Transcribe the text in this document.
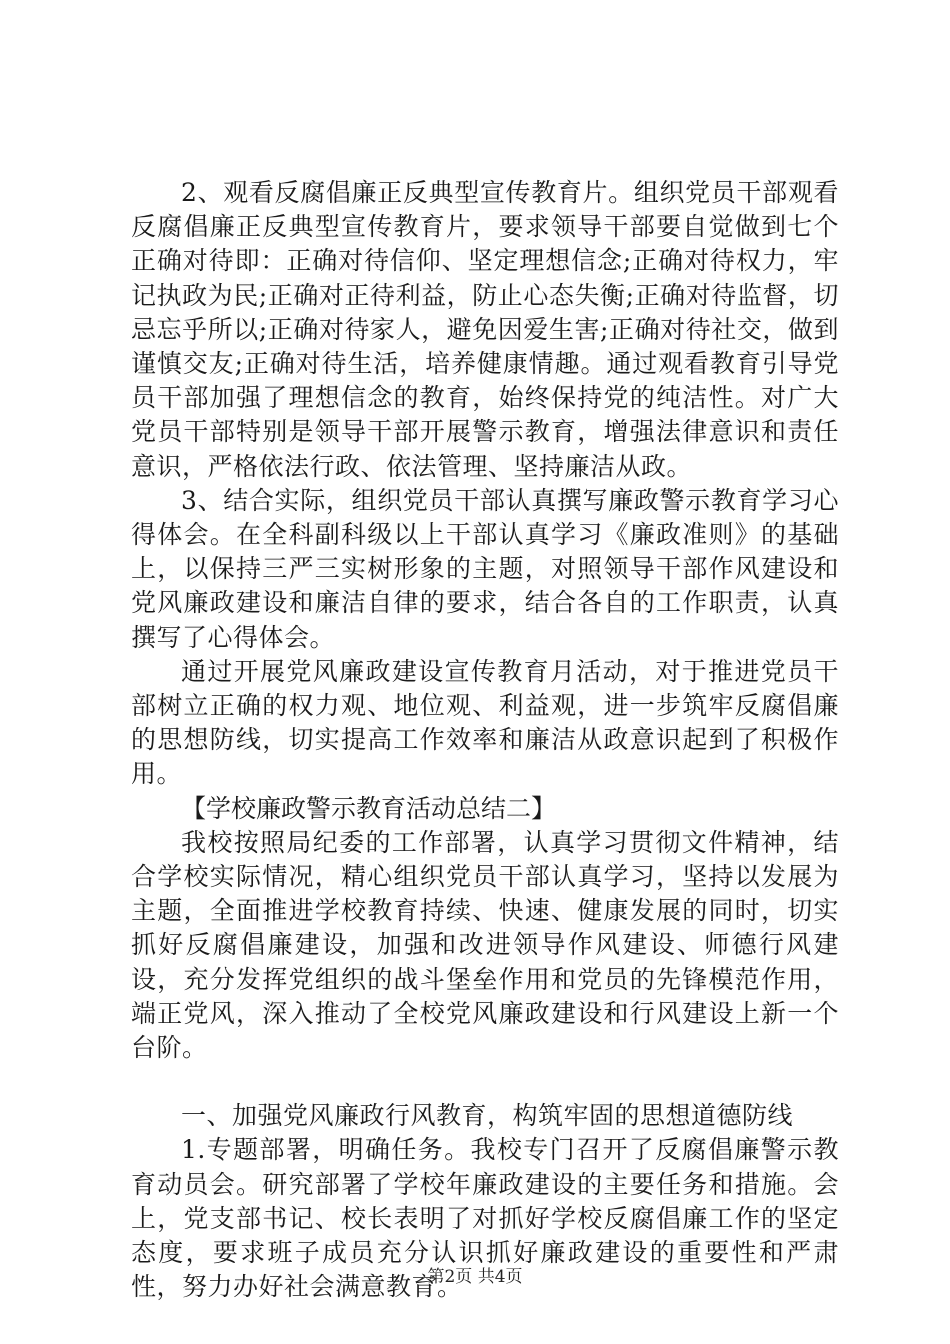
2、观看反腐倡廉正反典型宣传教育片。组织党员干部观看反腐倡廉正反典型宣传教育片，要求领导干部要自觉做到七个正确对待即：正确对待信仰、坚定理想信念;正确对待权力，牢记执政为民;正确对正待利益，防止心态失衡;正确对待监督，切忌忘乎所以;正确对待家人，避免因爱生害;正确对待社交，做到谨慎交友;正确对待生活，培养健康情趣。通过观看教育引导党员干部加强了理想信念的教育，始终保持党的纯洁性。对广大党员干部特别是领导干部开展警示教育，增强法律意识和责任意识，严格依法行政、依法管理、坚持廉洁从政。

3、结合实际，组织党员干部认真撰写廉政警示教育学习心得体会。在全科副科级以上干部认真学习《廉政准则》的基础上，以保持三严三实树形象的主题，对照领导干部作风建设和党风廉政建设和廉洁自律的要求，结合各自的工作职责，认真撰写了心得体会。

通过开展党风廉政建设宣传教育月活动，对于推进党员干部树立正确的权力观、地位观、利益观，进一步筑牢反腐倡廉的思想防线，切实提高工作效率和廉洁从政意识起到了积极作用。

【学校廉政警示教育活动总结二】

我校按照局纪委的工作部署，认真学习贯彻文件精神，结合学校实际情况，精心组织党员干部认真学习，坚持以发展为主题，全面推进学校教育持续、快速、健康发展的同时，切实抓好反腐倡廉建设，加强和改进领导作风建设、师德行风建设，充分发挥党组织的战斗堡垒作用和党员的先锋模范作用，端正党风，深入推动了全校党风廉政建设和行风建设上新一个台阶。

一、加强党风廉政行风教育，构筑牢固的思想道德防线

1.专题部署，明确任务。我校专门召开了反腐倡廉警示教育动员会。研究部署了学校年廉政建设的主要任务和措施。会上，党支部书记、校长表明了对抓好学校反腐倡廉工作的坚定态度，要求班子成员充分认识抓好廉政建设的重要性和严肃性，努力办好社会满意教育。

第2页 共4页
